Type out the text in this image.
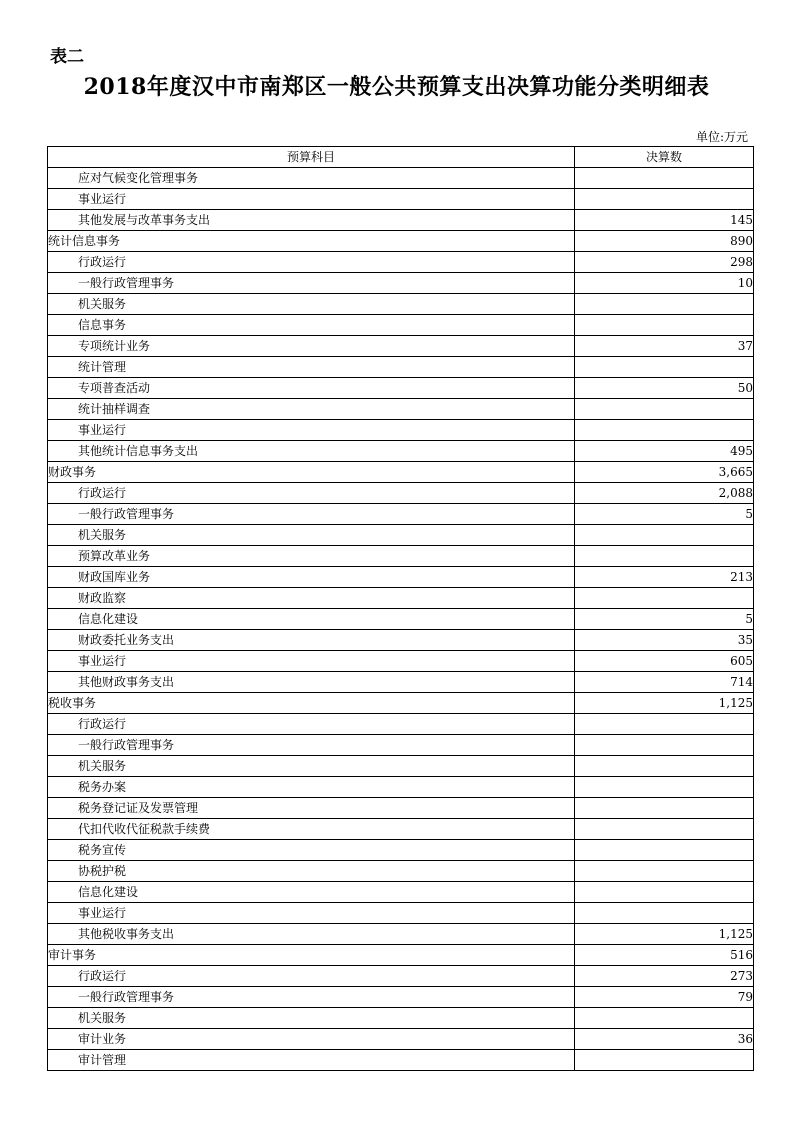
表二
2018年度汉中市南郑区一般公共预算支出决算功能分类明细表
单位:万元
预算科目	决算数
应对气候变化管理事务	
事业运行	
其他发展与改革事务支出	145
统计信息事务	890
行政运行	298
一般行政管理事务	10
机关服务	
信息事务	
专项统计业务	37
统计管理	
专项普查活动	50
统计抽样调查	
事业运行	
其他统计信息事务支出	495
财政事务	3,665
行政运行	2,088
一般行政管理事务	5
机关服务	
预算改革业务	
财政国库业务	213
财政监察	
信息化建设	5
财政委托业务支出	35
事业运行	605
其他财政事务支出	714
税收事务	1,125
行政运行	
一般行政管理事务	
机关服务	
税务办案	
税务登记证及发票管理	
代扣代收代征税款手续费	
税务宣传	
协税护税	
信息化建设	
事业运行	
其他税收事务支出	1,125
审计事务	516
行政运行	273
一般行政管理事务	79
机关服务	
审计业务	36
审计管理	
